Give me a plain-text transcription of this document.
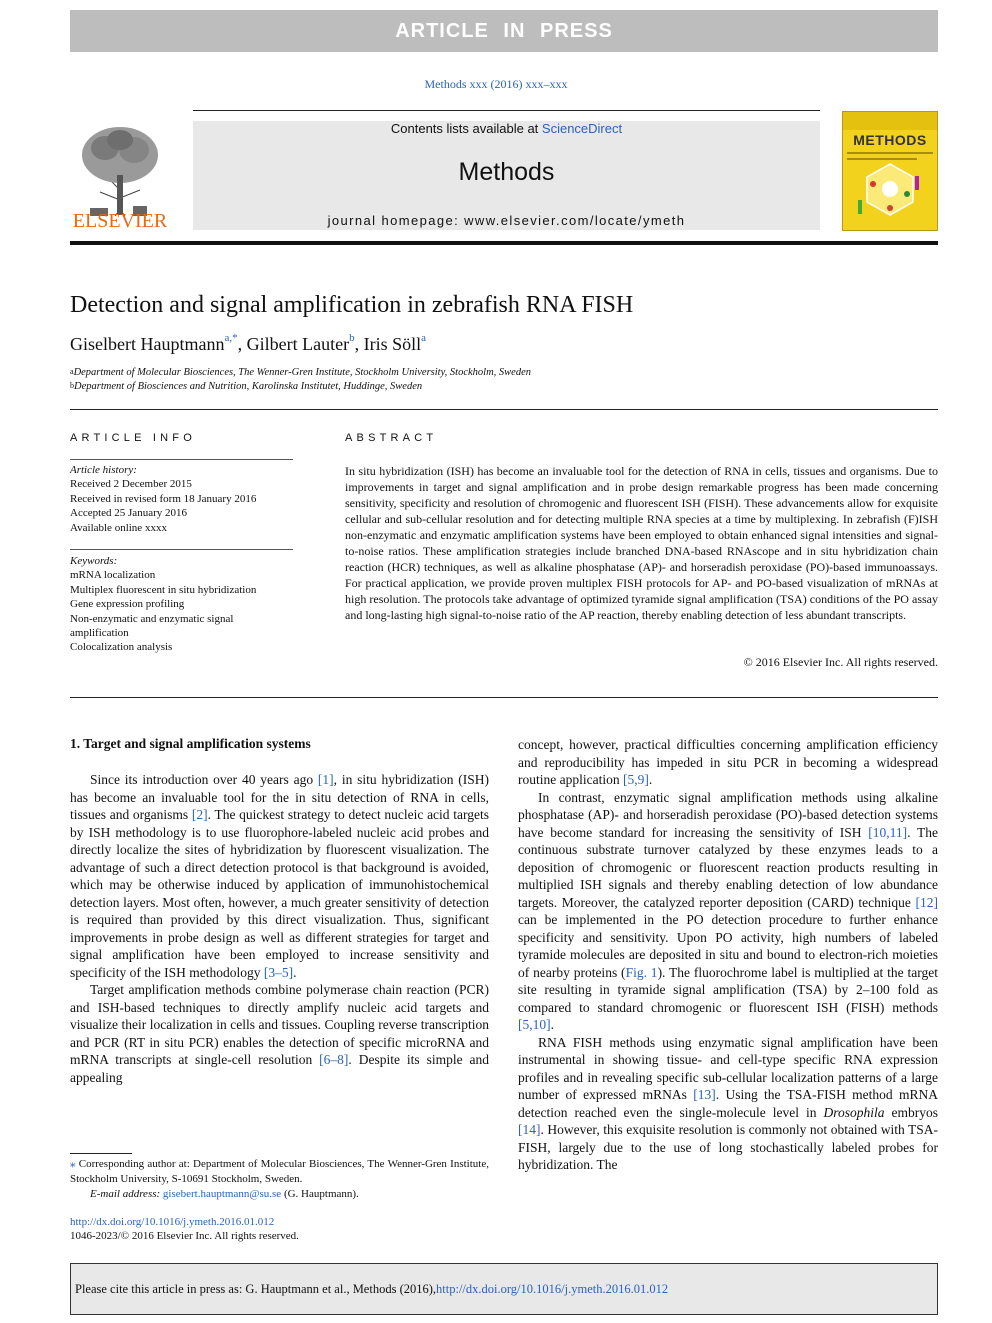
ARTICLE IN PRESS
Methods xxx (2016) xxx–xxx
ELSEVIER
Contents lists available at ScienceDirect
Methods
journal homepage: www.elsevier.com/locate/ymeth
METHODS
Detection and signal amplification in zebrafish RNA FISH
Giselbert Hauptmann$^{a,*}$, Gilbert Lauter$^b$, Iris Söll$^a$
$^a$Department of Molecular Biosciences, The Wenner-Gren Institute, Stockholm University, Stockholm, Sweden
$^b$Department of Biosciences and Nutrition, Karolinska Institutet, Huddinge, Sweden
ARTICLE INFO
Article history:
Received 2 December 2015
Received in revised form 18 January 2016
Accepted 25 January 2016
Available online xxxx
Keywords:
mRNA localization
Multiplex fluorescent in situ hybridization
Gene expression profiling
Non-enzymatic and enzymatic signal amplification
Colocalization analysis
ABSTRACT
In situ hybridization (ISH) has become an invaluable tool for the detection of RNA in cells, tissues and organisms. Due to improvements in target and signal amplification and in probe design remarkable progress has been made concerning sensitivity, specificity and resolution of chromogenic and fluorescent ISH (FISH). These advancements allow for exquisite cellular and sub-cellular resolution and for detecting multiple RNA species at a time by multiplexing. In zebrafish (F)ISH non-enzymatic and enzymatic amplification systems have been employed to obtain enhanced signal intensities and signal-to-noise ratios. These amplification strategies include branched DNA-based RNAscope and in situ hybridization chain reaction (HCR) techniques, as well as alkaline phosphatase (AP)- and horseradish peroxidase (PO)-based immunoassays. For practical application, we provide proven multiplex FISH protocols for AP- and PO-based visualization of mRNAs at high resolution. The protocols take advantage of optimized tyramide signal amplification (TSA) conditions of the PO assay and long-lasting high signal-to-noise ratio of the AP reaction, thereby enabling detection of less abundant transcripts.
© 2016 Elsevier Inc. All rights reserved.
1. Target and signal amplification systems

Since its introduction over 40 years ago [1], in situ hybridization (ISH) has become an invaluable tool for the in situ detection of RNA in cells, tissues and organisms [2]. The quickest strategy to detect nucleic acid targets by ISH methodology is to use fluorophore-labeled nucleic acid probes and directly localize the sites of hybridization by fluorescent visualization. The advantage of such a direct detection protocol is that background is avoided, which may be otherwise induced by application of immunohistochemical detection layers. Most often, however, a much greater sensitivity of detection is required than provided by this direct visualization. Thus, significant improvements in probe design as well as different strategies for target and signal amplification have been employed to increase sensitivity and specificity of the ISH methodology [3–5].

Target amplification methods combine polymerase chain reaction (PCR) and ISH-based techniques to directly amplify nucleic acid targets and visualize their localization in cells and tissues. Coupling reverse transcription and PCR (RT in situ PCR) enables the detection of specific microRNA and mRNA transcripts at single-cell resolution [6–8]. Despite its simple and appealing

concept, however, practical difficulties concerning amplification efficiency and reproducibility has impeded in situ PCR in becoming a widespread routine application [5,9].

In contrast, enzymatic signal amplification methods using alkaline phosphatase (AP)- and horseradish peroxidase (PO)-based detection systems have become standard for increasing the sensitivity of ISH [10,11]. The continuous substrate turnover catalyzed by these enzymes leads to a deposition of chromogenic or fluorescent reaction products resulting in multiplied ISH signals and thereby enabling detection of low abundance targets. Moreover, the catalyzed reporter deposition (CARD) technique [12] can be implemented in the PO detection procedure to further enhance specificity and sensitivity. Upon PO activity, high numbers of labeled tyramide molecules are deposited in situ and bound to electron-rich moieties of nearby proteins (Fig. 1). The fluorochrome label is multiplied at the target site resulting in tyramide signal amplification (TSA) by 2–100 fold as compared to standard chromogenic or fluorescent ISH (FISH) methods [5,10].

RNA FISH methods using enzymatic signal amplification have been instrumental in showing tissue- and cell-type specific RNA expression profiles and in revealing specific sub-cellular localization patterns of a large number of expressed mRNAs [13]. Using the TSA-FISH method mRNA detection reached even the single-molecule level in Drosophila embryos [14]. However, this exquisite resolution is commonly not obtained with TSA-FISH, largely due to the use of long stochastically labeled probes for hybridization. The

⁎ Corresponding author at: Department of Molecular Biosciences, The Wenner-Gren Institute, Stockholm University, S-10691 Stockholm, Sweden.
E-mail address: gisebert.hauptmann@su.se (G. Hauptmann).
http://dx.doi.org/10.1016/j.ymeth.2016.01.012
1046-2023/© 2016 Elsevier Inc. All rights reserved.
Please cite this article in press as: G. Hauptmann et al., Methods (2016), http://dx.doi.org/10.1016/j.ymeth.2016.01.012
